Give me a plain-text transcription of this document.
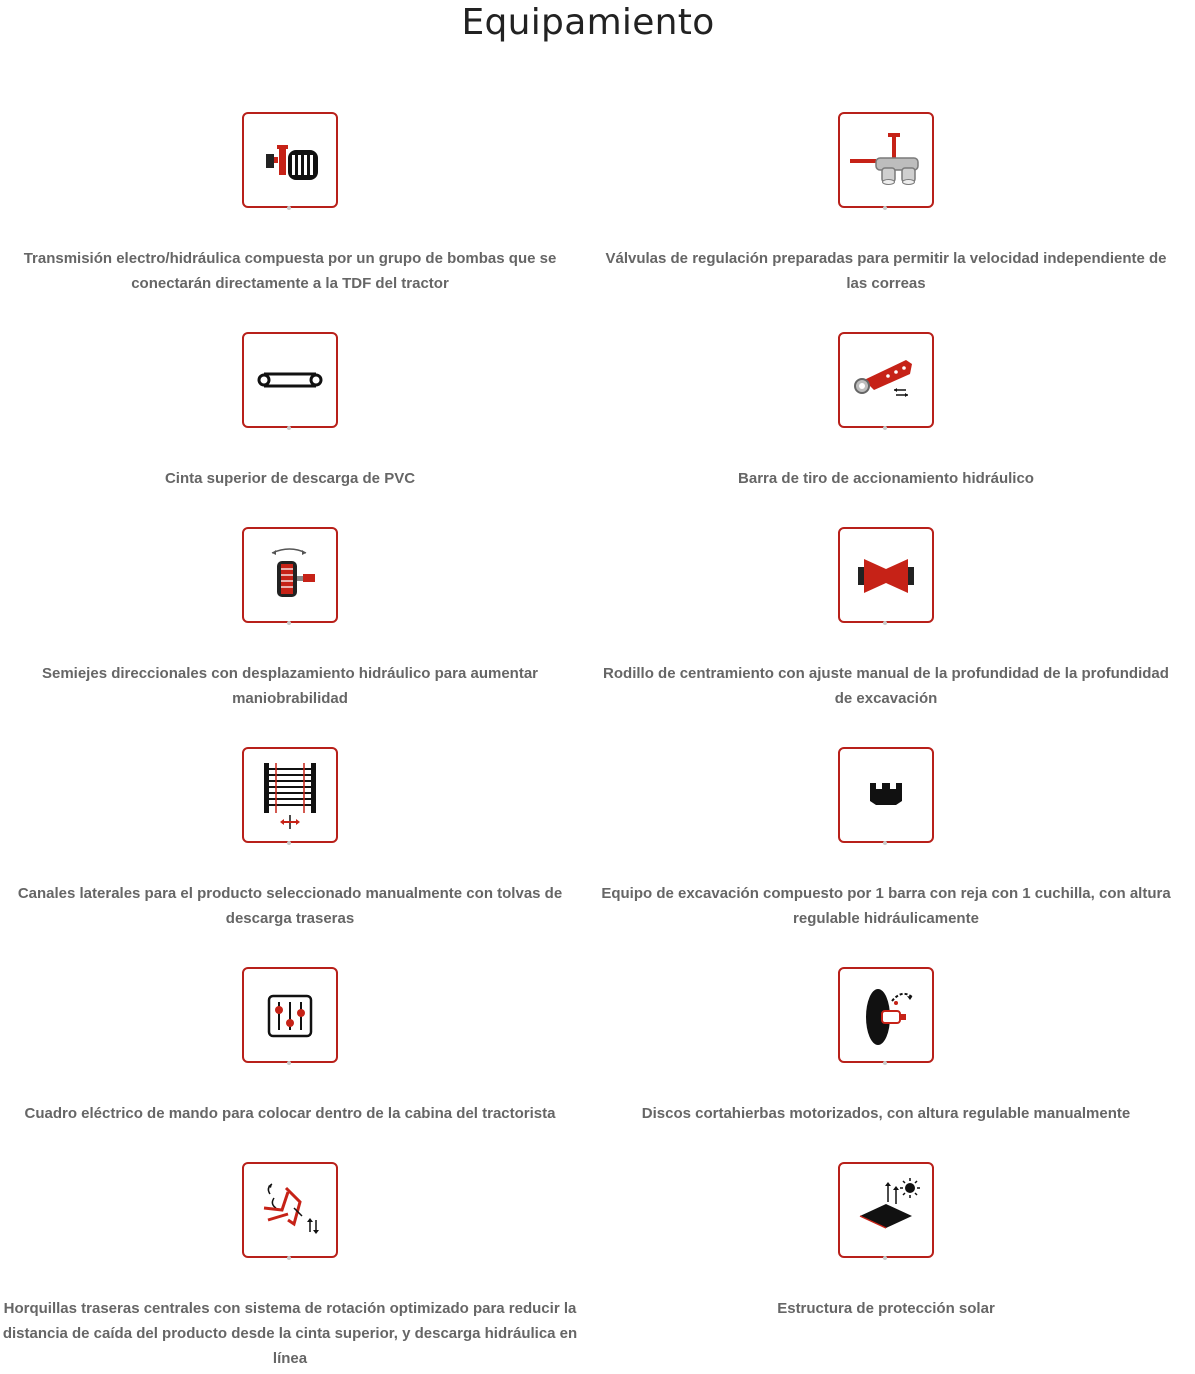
Equipamiento

Transmisión electro/hidráulica compuesta por un grupo de bombas que se conectarán directamente a la TDF del tractor

Válvulas de regulación preparadas para permitir la velocidad independiente de las correas

Cinta superior de descarga de PVC	Barra de tiro de accionamiento hidráulico

Semiejes direccionales con desplazamiento hidráulico para aumentar maniobrabilidad

Rodillo de centramiento con ajuste manual de la profundidad de la profundidad de excavación

Canales laterales para el producto seleccionado manualmente con tolvas de descarga traseras

Equipo de excavación compuesto por 1 barra con reja con 1 cuchilla, con altura regulable hidráulicamente

Cuadro eléctrico de mando para colocar dentro de la cabina del tractorista	Discos cortahierbas motorizados, con altura regulable manualmente

Horquillas traseras centrales con sistema de rotación optimizado para reducir la distancia de caída del producto desde la cinta superior, y descarga hidráulica en línea

Estructura de protección solar
